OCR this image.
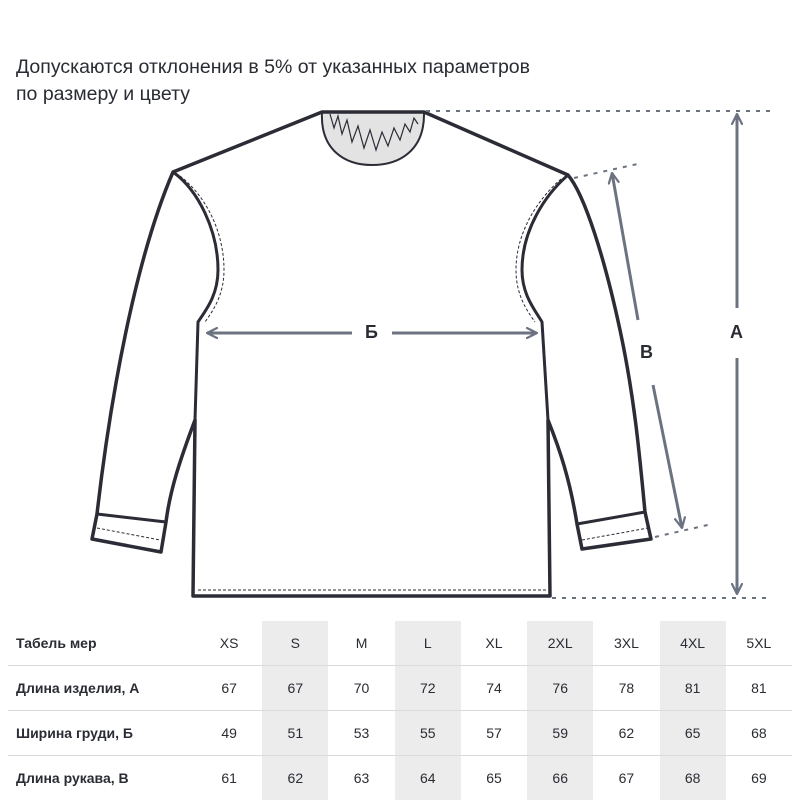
Допускаются отклонения в 5% от указанных параметров
по размеру и цвету
Б
В
А
Табель мер	XS	S	M	L	XL	2XL	3XL	4XL	5XL
Длина изделия, А	67	67	70	72	74	76	78	81	81
Ширина груди, Б	49	51	53	55	57	59	62	65	68
Длина рукава, В	61	62	63	64	65	66	67	68	69
